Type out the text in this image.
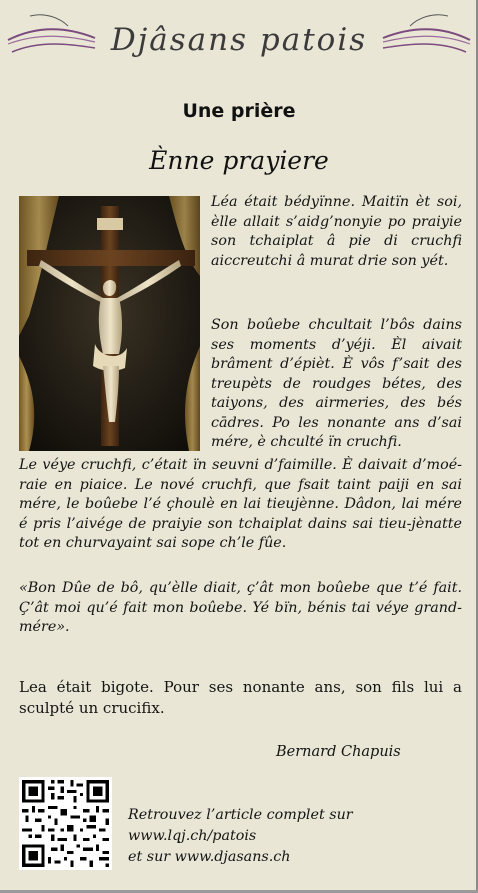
Djâsans patois
Une prière
Ènne prayiere
Léa était bédyïnne. Maitïn èt soi, èlle allait s’aidg’nonyie po praiyie son tchaiplat â pie di cruchfi aiccreutchi â murat drie son yét.
Son boûebe chcultait l’bôs dains ses moments d’yéji. Èl aivait brâment d’épièt. È vôs f’sait des treupèts de roudges bétes, des taiyons, des airmeries, des bés cādres. Po les nonante ans d’sai mére, è chculté ïn cruchfi.
Le véye cruchfi, c’était ïn seuvni d’faimille. È daivait d’moé-raie en piaice. Le nové cruchfi, que fsait taint paiji en sai mére, le boûebe l’é çhoulè en lai tieujènne. Dâdon, lai mére é pris l’aivége de praiyie son tchaiplat dains sai tieu-jènatte tot en churvayaint sai sope ch’le fûe.
«Bon Dûe de bô, qu’èlle diait, ç’ât mon boûebe que t’é fait. Ç’ât moi qu’é fait mon boûebe. Yé bïn, bénis tai véye grand-mére».
Lea était bigote. Pour ses nonante ans, son fils lui a sculpté un crucifix.
Bernard Chapuis
Retrouvez l’article complet sur
www.lqj.ch/patois
et sur www.djasans.ch
